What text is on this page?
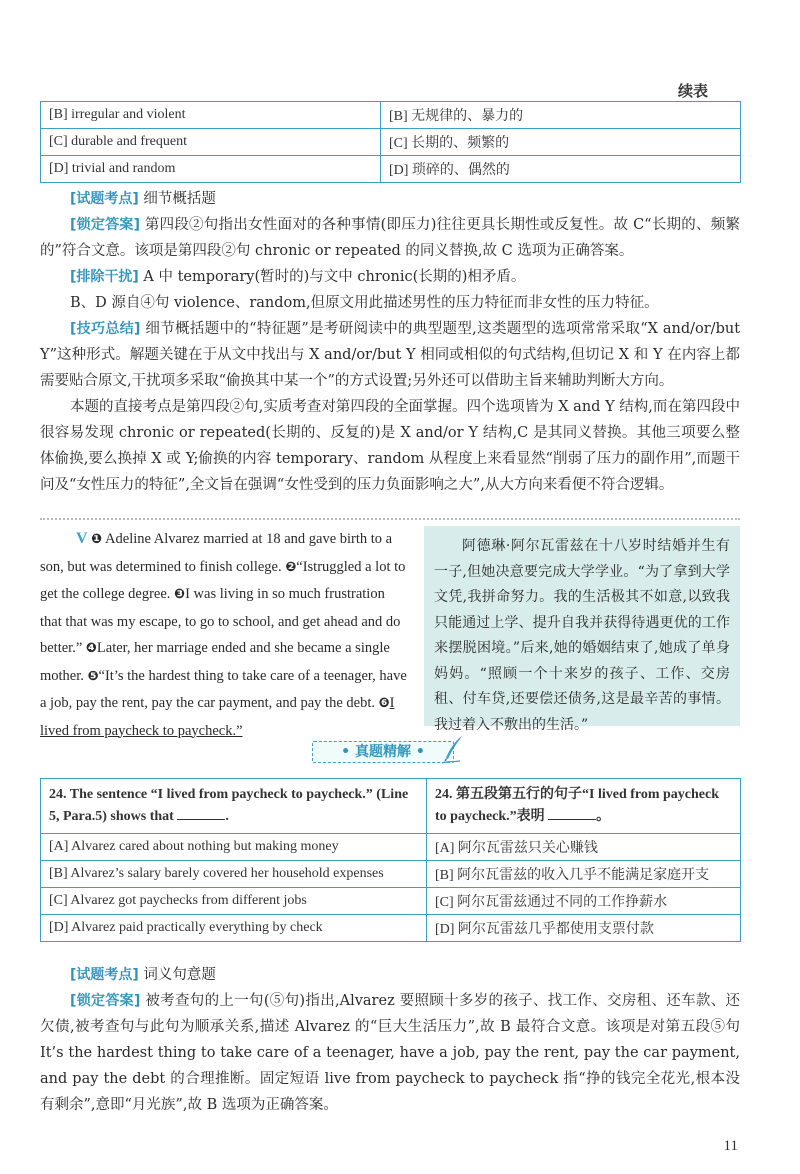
续表
[B] irregular and violent	[B] 无规律的、暴力的
[C] durable and frequent	[C] 长期的、频繁的
[D] trivial and random	[D] 琐碎的、偶然的
[试题考点] 细节概括题
[锁定答案] 第四段②句指出女性面对的各种事情(即压力)往往更具长期性或反复性。故 C“长期的、频繁的”符合文意。该项是第四段②句 chronic or repeated 的同义替换,故 C 选项为正确答案。
[排除干扰] A 中 temporary(暂时的)与文中 chronic(长期的)相矛盾。
B、D 源自④句 violence、random,但原文用此描述男性的压力特征而非女性的压力特征。
[技巧总结] 细节概括题中的“特征题”是考研阅读中的典型题型,这类题型的选项常常采取“X and/or/but Y”这种形式。解题关键在于从文中找出与 X and/or/but Y 相同或相似的句式结构,但切记 X 和 Y 在内容上都需要贴合原文,干扰项多采取“偷换其中某一个”的方式设置;另外还可以借助主旨来辅助判断大方向。
本题的直接考点是第四段②句,实质考查对第四段的全面掌握。四个选项皆为 X and Y 结构,而在第四段中很容易发现 chronic or repeated(长期的、反复的)是 X and/or Y 结构,C 是其同义替换。其他三项要么整体偷换,要么换掉 X 或 Y;偷换的内容 temporary、random 从程度上来看显然“削弱了压力的副作用”,而题干问及“女性压力的特征”,全文旨在强调“女性受到的压力负面影响之大”,从大方向来看便不符合逻辑。
V ❶ Adeline Alvarez married at 18 and gave birth to a son, but was determined to finish college. ❷“Istruggled a lot to get the college degree. ❸I was living in so much frustration that that was my escape, to go to school, and get ahead and do better.” ❹Later, her marriage ended and she became a single mother. ❺“It’s the hardest thing to take care of a teenager, have a job, pay the rent, pay the car payment, and pay the debt. ❻I lived from paycheck to paycheck.”

阿德琳·阿尔瓦雷兹在十八岁时结婚并生有一子,但她决意要完成大学学业。“为了拿到大学文凭,我拼命努力。我的生活极其不如意,以致我只能通过上学、提升自我并获得待遇更优的工作来摆脱困境。”后来,她的婚姻结束了,她成了单身妈妈。“照顾一个十来岁的孩子、工作、交房租、付车贷,还要偿还债务,这是最辛苦的事情。我过着入不敷出的生活。”

• 真题精解 •
24. The sentence “I lived from paycheck to paycheck.” (Line 5, Para.5) shows that .	24. 第五段第五行的句子“I lived from paycheck to paycheck.”表明 。
[A] Alvarez cared about nothing but making money	[A] 阿尔瓦雷兹只关心赚钱
[B] Alvarez’s salary barely covered her household expenses	[B] 阿尔瓦雷兹的收入几乎不能满足家庭开支
[C] Alvarez got paychecks from different jobs	[C] 阿尔瓦雷兹通过不同的工作挣薪水
[D] Alvarez paid practically everything by check	[D] 阿尔瓦雷兹几乎都使用支票付款
[试题考点] 词义句意题
[锁定答案] 被考查句的上一句(⑤句)指出,Alvarez 要照顾十多岁的孩子、找工作、交房租、还车款、还欠债,被考查句与此句为顺承关系,描述 Alvarez 的“巨大生活压力”,故 B 最符合文意。该项是对第五段⑤句 It’s the hardest thing to take care of a teenager, have a job, pay the rent, pay the car payment, and pay the debt 的合理推断。固定短语 live from paycheck to paycheck 指“挣的钱完全花光,根本没有剩余”,意即“月光族”,故 B 选项为正确答案。
11
